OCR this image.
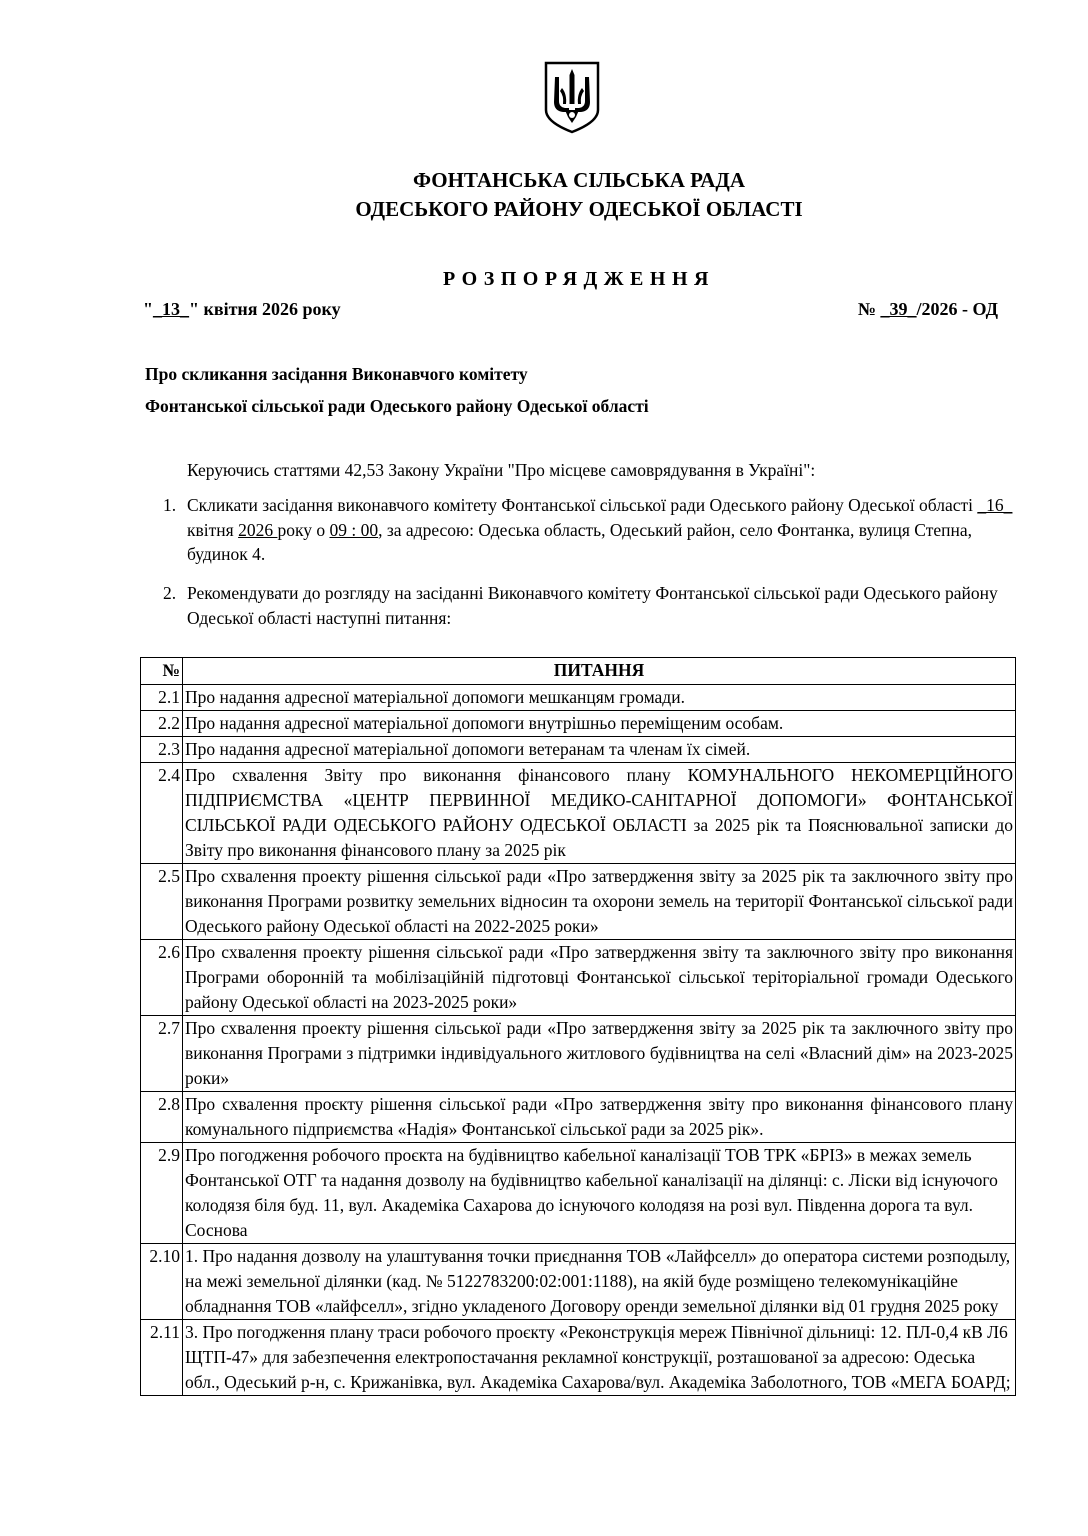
ФОНТАНСЬКА СІЛЬСЬКА РАДА
ОДЕСЬКОГО РАЙОНУ ОДЕСЬКОЇ ОБЛАСТІ
РОЗПОРЯДЖЕННЯ
"_13_" квітня 2026 року	№ _39_/2026 - ОД
Про скликання засідання Виконавчого комітету
Фонтанської сільської ради Одеського району Одеської області
Керуючись статтями 42,53 Закону України "Про місцеве самоврядування в Україні":
1. Скликати засідання виконавчого комітету Фонтанської сільської ради Одеського району Одеської області _16_ квітня 2026 року о 09 : 00, за адресою: Одеська область, Одеський район, село Фонтанка, вулиця Степна, будинок 4.
2. Рекомендувати до розгляду на засіданні Виконавчого комітету Фонтанської сільської ради Одеського району Одеської області наступні питання:
№	ПИТАННЯ
2.1	Про надання адресної матеріальної допомоги мешканцям громади.
2.2	Про надання адресної матеріальної допомоги внутрішньо переміщеним особам.
2.3	Про надання адресної матеріальної допомоги ветеранам та членам їх сімей.
2.4	Про схвалення Звіту про виконання фінансового плану КОМУНАЛЬНОГО НЕКОМЕРЦІЙНОГО ПІДПРИЄМСТВА «ЦЕНТР ПЕРВИННОЇ МЕДИКО-САНІТАРНОЇ ДОПОМОГИ» ФОНТАНСЬКОЇ СІЛЬСЬКОЇ РАДИ ОДЕСЬКОГО РАЙОНУ ОДЕСЬКОЇ ОБЛАСТІ за 2025 рік та Пояснювальної записки до Звіту про виконання фінансового плану за 2025 рік
2.5	Про схвалення проекту рішення сільської ради «Про затвердження звіту за 2025 рік та заключного звіту про виконання Програми розвитку земельних відносин та охорони земель на території Фонтанської сільської ради Одеського району Одеської області на 2022-2025 роки»
2.6	Про схвалення проекту рішення сільської ради «Про затвердження звіту та заключного звіту про виконання Програми оборонній та мобілізаційній підготовці Фонтанської сільської теріторіальної громади Одеського району Одеської області на 2023-2025 роки»
2.7	Про схвалення проекту рішення сільської ради «Про затвердження звіту за 2025 рік та заключного звіту про виконання Програми з підтримки індивідуального житлового будівництва на селі «Власний дім» на 2023-2025 роки»
2.8	Про схвалення проєкту рішення сільської ради «Про затвердження звіту про виконання фінансового плану комунального підприємства «Надія» Фонтанської сільської ради за 2025 рік».
2.9	Про погодження робочого проєкта на будівництво кабельної каналізації ТОВ ТРК «БРІЗ» в межах земель Фонтанської ОТГ та надання дозволу на будівництво кабельної каналізації на ділянці: с. Ліски від існуючого колодязя біля буд. 11, вул. Академіка Сахарова до існуючого колодязя на розі вул. Південна дорога та вул. Соснова
2.10	1. Про надання дозволу на улаштування точки приєднання ТОВ «Лайфселл» до оператора системи розподылу, на межі земельної ділянки (кад. № 5122783200:02:001:1188), на якій буде розміщено телекомунікаційне обладнання ТОВ «лайфселл», згідно укладеного Договору оренди земельної ділянки від 01 грудня 2025 року
2.11	3. Про погодження плану траси робочого проєкту «Реконструкція мереж Північної дільниці: 12. ПЛ-0,4 кВ Л6 ЩТП-47» для забезпечення електропостачання рекламної конструкції, розташованої за адресою: Одеська обл., Одеський р-н, с. Крижанівка, вул. Академіка Сахарова/вул. Академіка Заболотного, ТОВ «МЕГА БОАРД;
